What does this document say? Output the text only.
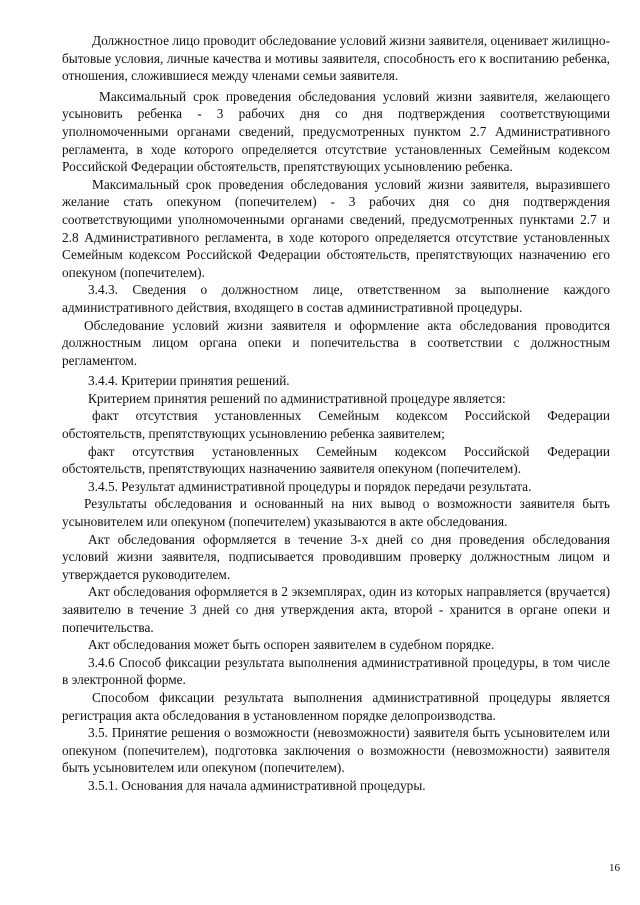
Должностное лицо проводит обследование условий жизни заявителя, оценивает жилищно-бытовые условия, личные качества и мотивы заявителя, способность его к воспитанию ребенка, отношения, сложившиеся между членами семьи заявителя.

Максимальный срок проведения обследования условий жизни заявителя, желающего усыновить ребенка - 3 рабочих дня со дня подтверждения соответствующими уполномоченными органами сведений, предусмотренных пунктом 2.7 Административного регламента, в ходе которого определяется отсутствие установленных Семейным кодексом Российской Федерации обстоятельств, препятствующих усыновлению ребенка.

Максимальный срок проведения обследования условий жизни заявителя, выразившего желание стать опекуном (попечителем) - 3 рабочих дня со дня подтверждения соответствующими уполномоченными органами сведений, предусмотренных пунктами 2.7 и 2.8 Административного регламента, в ходе которого определяется отсутствие установленных Семейным кодексом Российской Федерации обстоятельств, препятствующих назначению его опекуном (попечителем).

3.4.3. Сведения о должностном лице, ответственном за выполнение каждого административного действия, входящего в состав административной процедуры.

Обследование условий жизни заявителя и оформление акта обследования проводится должностным лицом органа опеки и попечительства в соответствии с должностным регламентом.

3.4.4. Критерии принятия решений.

Критерием принятия решений по административной процедуре является:

факт отсутствия установленных Семейным кодексом Российской Федерации обстоятельств, препятствующих усыновлению ребенка заявителем;

факт отсутствия установленных Семейным кодексом Российской Федерации обстоятельств, препятствующих назначению заявителя опекуном (попечителем).

3.4.5. Результат административной процедуры и порядок передачи результата.

Результаты обследования и основанный на них вывод о возможности заявителя быть усыновителем или опекуном (попечителем) указываются в акте обследования.

Акт обследования оформляется в течение 3-х дней со дня проведения обследования условий жизни заявителя, подписывается проводившим проверку должностным лицом и утверждается руководителем.

Акт обследования оформляется в 2 экземплярах, один из которых направляется (вручается) заявителю в течение 3 дней со дня утверждения акта, второй - хранится в органе опеки и попечительства.

Акт обследования может быть оспорен заявителем в судебном порядке.

3.4.6 Способ фиксации результата выполнения административной процедуры, в том числе в электронной форме.

Способом фиксации результата выполнения административной процедуры является регистрация акта обследования в установленном порядке делопроизводства.

3.5. Принятие решения о возможности (невозможности) заявителя быть усыновителем или опекуном (попечителем), подготовка заключения о возможности (невозможности) заявителя быть усыновителем или опекуном (попечителем).

3.5.1. Основания для начала административной процедуры.

16
